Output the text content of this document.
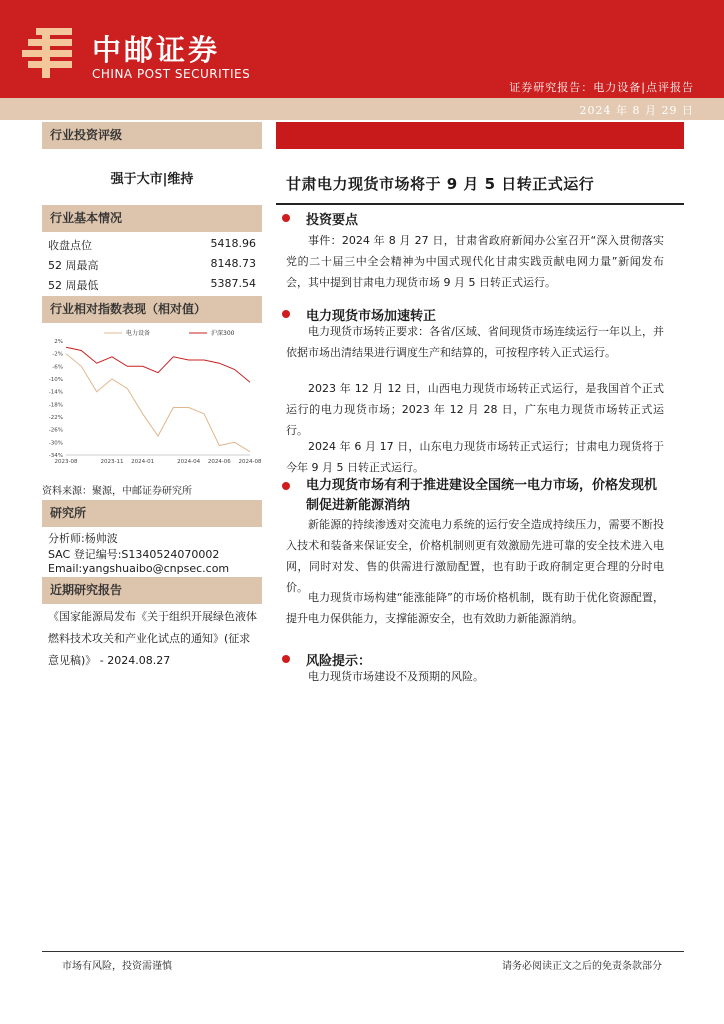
中邮证券
CHINA POST SECURITIES
证券研究报告：电力设备|点评报告
2024 年 8 月 29 日
行业投资评级
强于大市|维持
行业基本情况
收盘点位	5418.96
52 周最高	8148.73
52 周最低	5387.54
行业相对指数表现（相对值）
2%
-2%
-6%
-10%
-14%
-18%
-22%
-26%
-30%
-34%
2023-08	2023-11 2024-01	2024-04 2024-06 2024-08
电力设备	沪深300
资料来源：聚源，中邮证券研究所
研究所
分析师:杨帅波
SAC 登记编号:S1340524070002
Email:yangshuaibo@cnpsec.com
近期研究报告
《国家能源局发布《关于组织开展绿色液体燃料技术攻关和产业化试点的通知》(征求意见稿)》 - 2024.08.27
甘肃电力现货市场将于 9 月 5 日转正式运行
投资要点
事件：2024 年 8 月 27 日，甘肃省政府新闻办公室召开“深入贯彻落实党的二十届三中全会精神为中国式现代化甘肃实践贡献电网力量”新闻发布会，其中提到甘肃电力现货市场 9 月 5 日转正式运行。
电力现货市场加速转正
电力现货市场转正要求：各省/区域、省间现货市场连续运行一年以上，并依据市场出清结果进行调度生产和结算的，可按程序转入正式运行。
2023 年 12 月 12 日，山西电力现货市场转正式运行，是我国首个正式运行的电力现货市场；2023 年 12 月 28 日，广东电力现货市场转正式运行。
2024 年 6 月 17 日，山东电力现货市场转正式运行；甘肃电力现货将于今年 9 月 5 日转正式运行。
电力现货市场有利于推进建设全国统一电力市场，价格发现机制促进新能源消纳
新能源的持续渗透对交流电力系统的运行安全造成持续压力，需要不断投入技术和装备来保证安全，价格机制则更有效激励先进可靠的安全技术进入电网，同时对发、售的供需进行激励配置，也有助于政府制定更合理的分时电价。
电力现货市场构建“能涨能降”的市场价格机制，既有助于优化资源配置，提升电力保供能力，支撑能源安全，也有效助力新能源消纳。
风险提示：
电力现货市场建设不及预期的风险。
市场有风险，投资需谨慎	请务必阅读正文之后的免责条款部分
